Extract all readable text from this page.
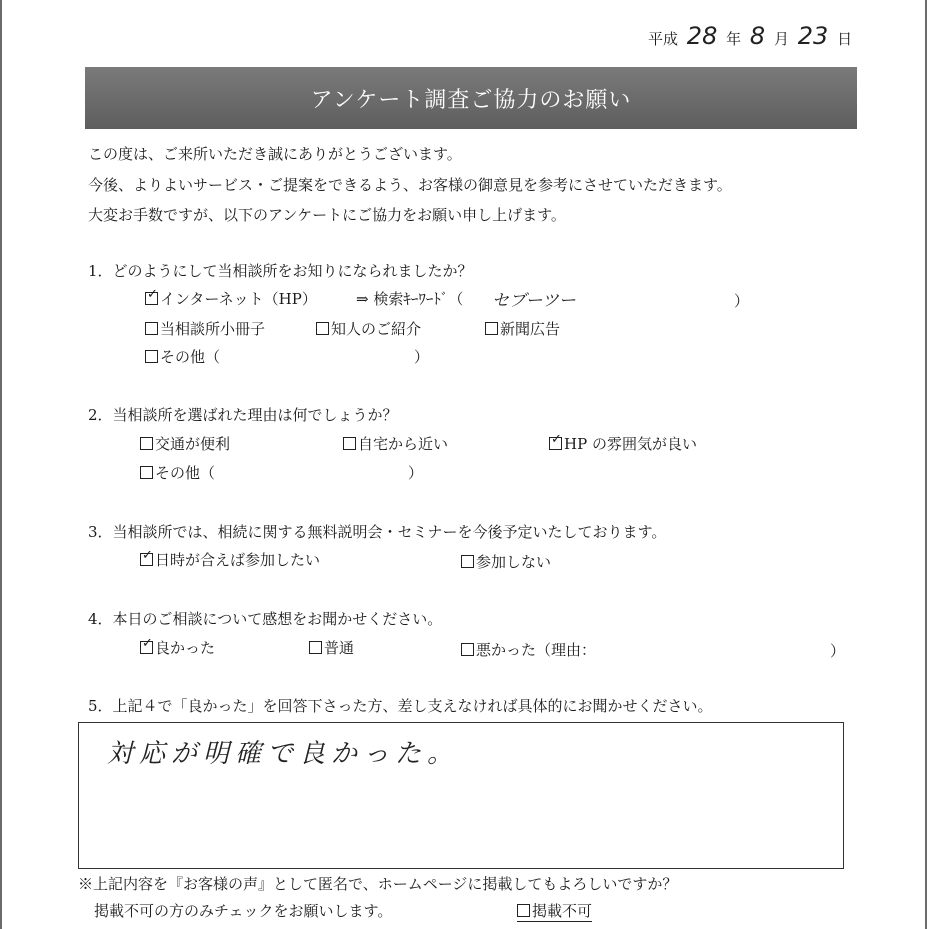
平成 28 年 8 月 23 日
アンケート調査ご協力のお願い
この度は、ご来所いただき誠にありがとうございます。
今後、よりよいサービス・ご提案をできるよう、お客様の御意見を参考にさせていただきます。
大変お手数ですが、以下のアンケートにご協力をお願い申し上げます。
1．どのようにして当相談所をお知りになられましたか？
✓インターネット（HP）	⇒ 検索ｷｰﾜｰﾄﾞ（ セブーツー	）
当相談所小冊子	知人のご紹介	新聞広告
その他（	）
2．当相談所を選ばれた理由は何でしょうか？
交通が便利	自宅から近い
✓	HP の雰囲気が良い
その他（	）
3．当相談所では、相続に関する無料説明会・セミナーを今後予定いたしております。
✓日時が合えば参加したい	参加しない
4．本日のご相談について感想をお聞かせください。
✓良かった	普通	悪かった（理由：	）
5．上記４で「良かった」を回答下さった方、差し支えなければ具体的にお聞かせください。
対応が明確で良かった。
※上記内容を『お客様の声』として匿名で、ホームページに掲載してもよろしいですか？
掲載不可の方のみチェックをお願いします。	掲載不可
